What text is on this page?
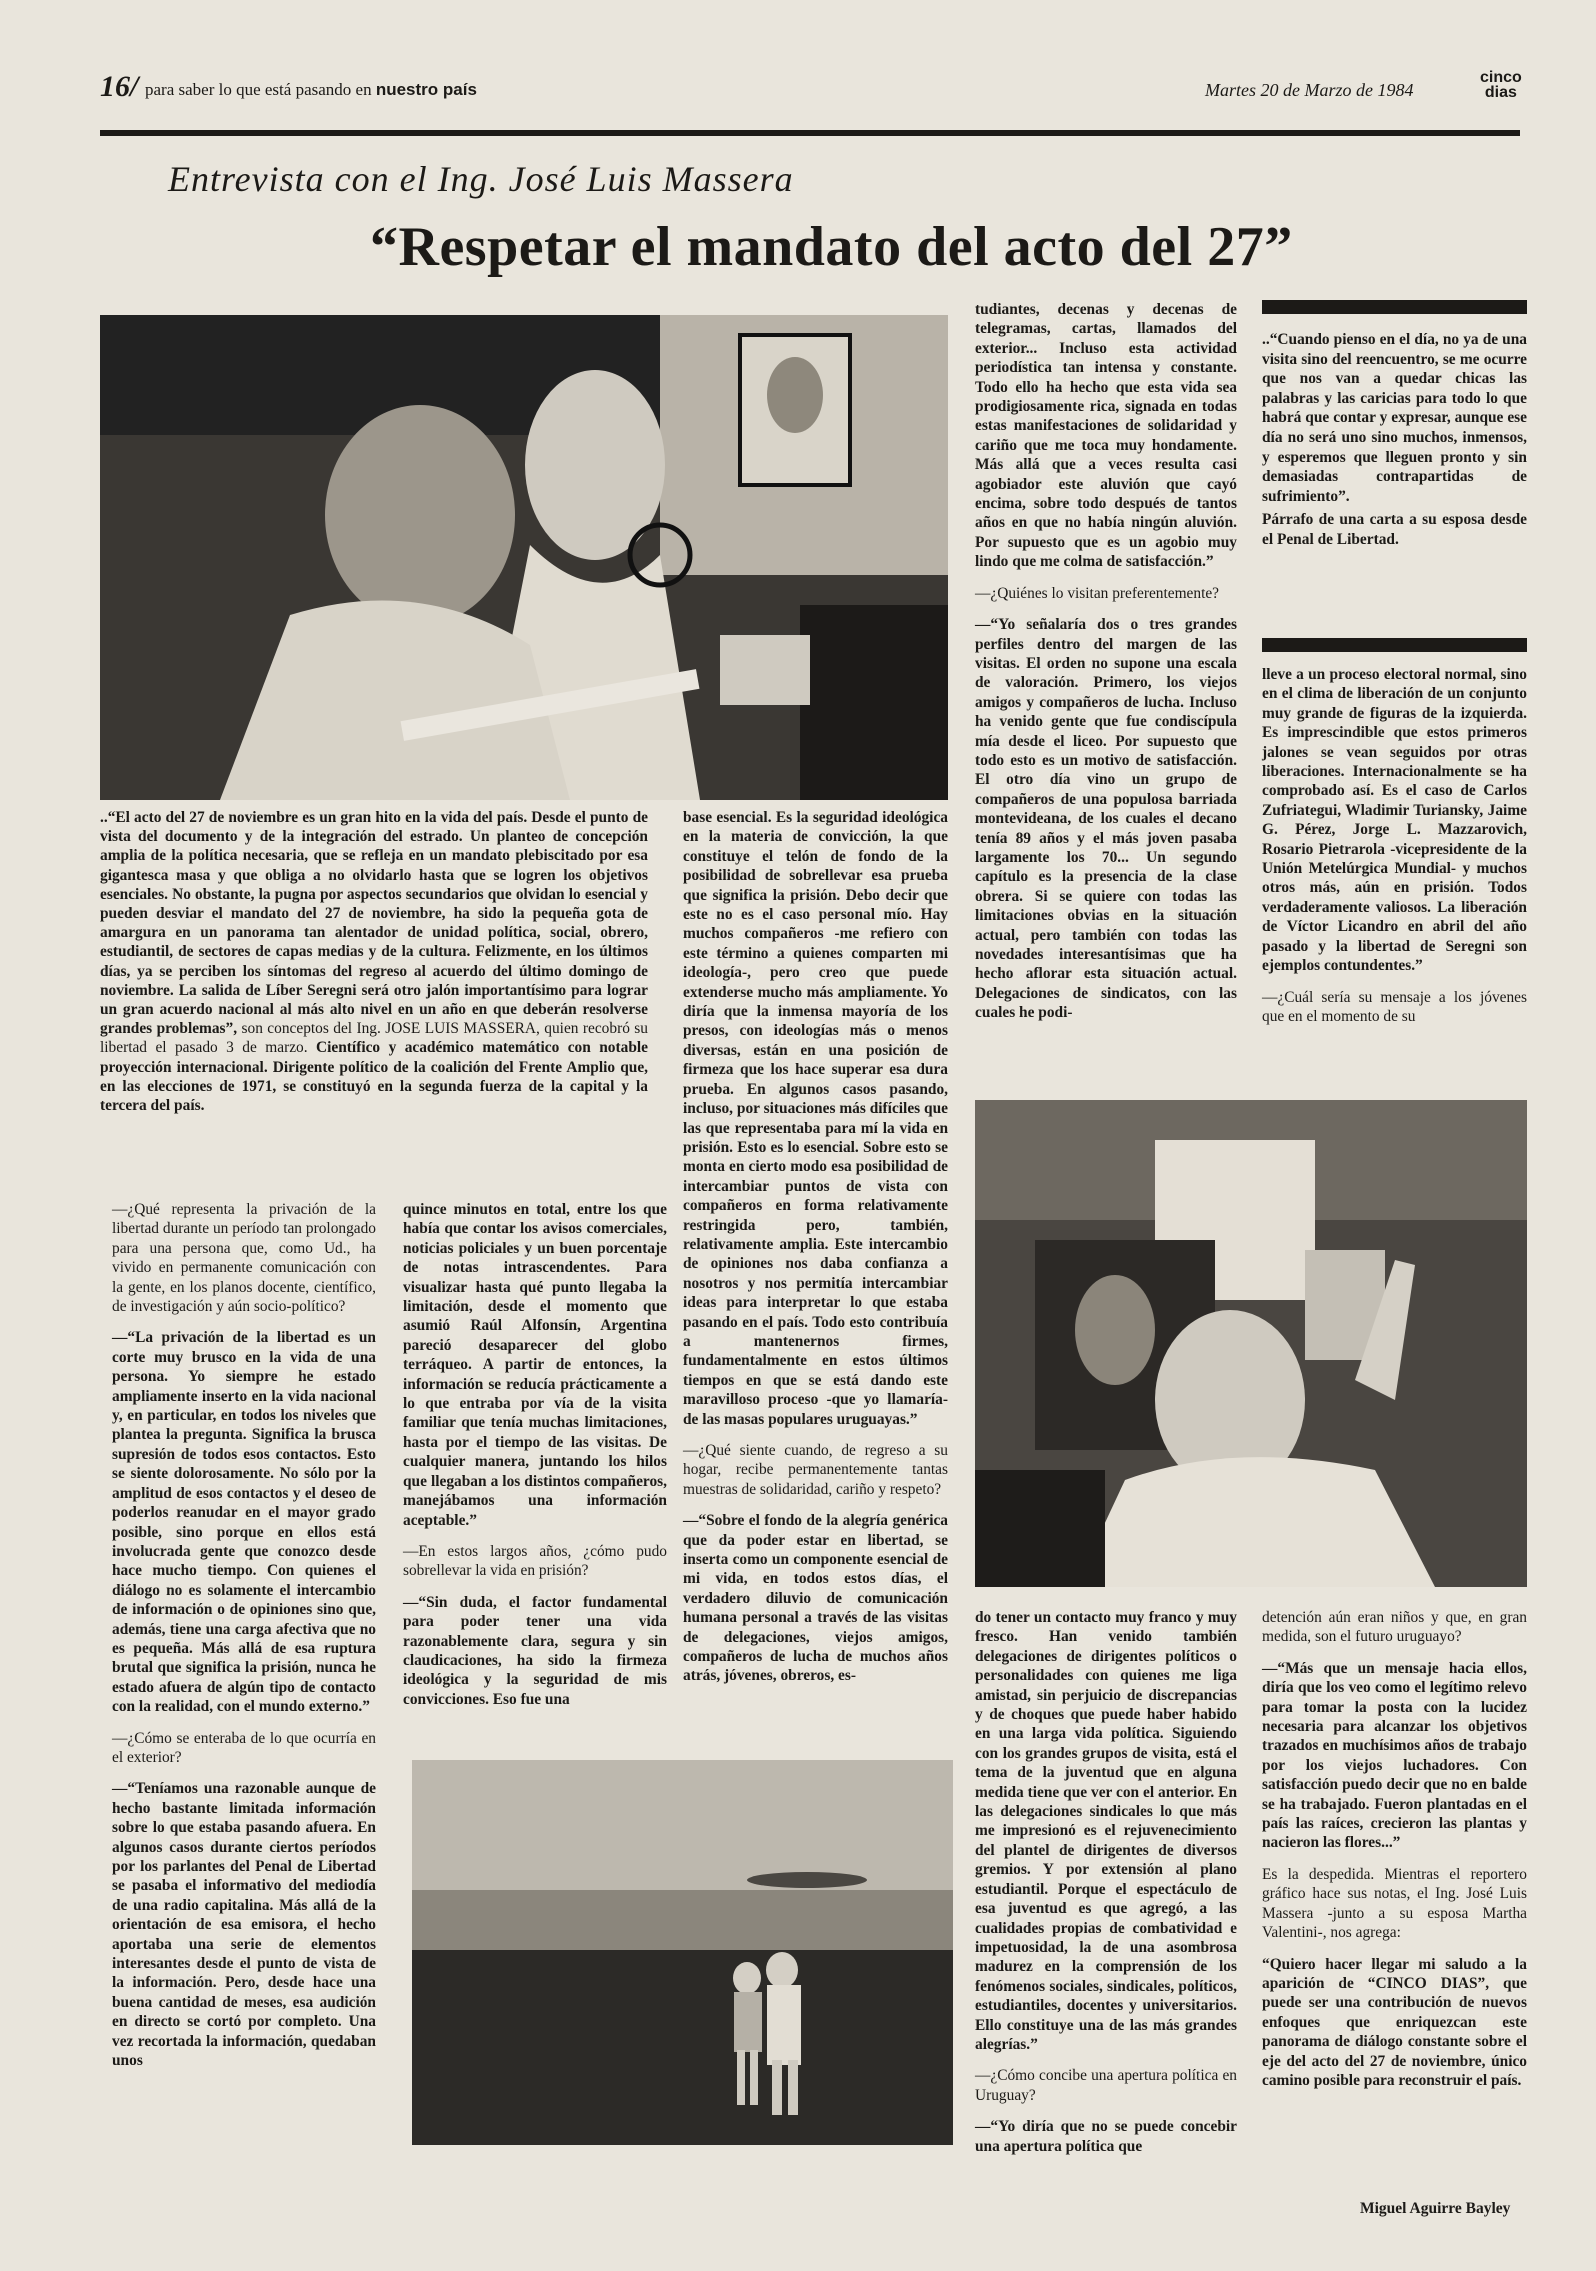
16/ para saber lo que está pasando en nuestro país	Martes 20 de Marzo de 1984
cinco
dias
Entrevista con el Ing. José Luis Massera
“Respetar el mandato del acto del 27”
..“El acto del 27 de noviembre es un gran hito en la vida del país. Desde el punto de vista del documento y de la integración del estrado. Un planteo de concepción amplia de la política necesaria, que se refleja en un mandato plebiscitado por esa gigantesca masa y que obliga a no olvidarlo hasta que se logren los objetivos esenciales. No obstante, la pugna por aspectos secundarios que olvidan lo esencial y pueden desviar el mandato del 27 de noviembre, ha sido la pequeña gota de amargura en un panorama tan alentador de unidad política, social, obrero, estudiantil, de sectores de capas medias y de la cultura. Felizmente, en los últimos días, ya se perciben los síntomas del regreso al acuerdo del último domingo de noviembre. La salida de Líber Seregni será otro jalón importantísimo para lograr un gran acuerdo nacional al más alto nivel en un año en que deberán resolverse grandes problemas”, son conceptos del Ing. JOSE LUIS MASSERA, quien recobró su libertad el pasado 3 de marzo. Científico y académico matemático con notable proyección internacional. Dirigente político de la coalición del Frente Amplio que, en las elecciones de 1971, se constituyó en la segunda fuerza de la capital y la tercera del país.

—¿Qué representa la privación de la libertad durante un período tan prolongado para una persona que, como Ud., ha vivido en permanente comunicación con la gente, en los planos docente, científico, de investigación y aún socio-político?

—“La privación de la libertad es un corte muy brusco en la vida de una persona. Yo siempre he estado ampliamente inserto en la vida nacional y, en particular, en todos los niveles que plantea la pregunta. Significa la brusca supresión de todos esos contactos. Esto se siente dolorosamente. No sólo por la amplitud de esos contactos y el deseo de poderlos reanudar en el mayor grado posible, sino porque en ellos está involucrada gente que conozco desde hace mucho tiempo. Con quienes el diálogo no es solamente el intercambio de información o de opiniones sino que, además, tiene una carga afectiva que no es pequeña. Más allá de esa ruptura brutal que significa la prisión, nunca he estado afuera de algún tipo de contacto con la realidad, con el mundo externo.”

—¿Cómo se enteraba de lo que ocurría en el exterior?

—“Teníamos una razonable aunque de hecho bastante limitada información sobre lo que estaba pasando afuera. En algunos casos durante ciertos períodos por los parlantes del Penal de Libertad se pasaba el informativo del mediodía de una radio capitalina. Más allá de la orientación de esa emisora, el hecho aportaba una serie de elementos interesantes desde el punto de vista de la información. Pero, desde hace una buena cantidad de meses, esa audición en directo se cortó por completo. Una vez recortada la información, quedaban unos

quince minutos en total, entre los que había que contar los avisos comerciales, noticias policiales y un buen porcentaje de notas intrascendentes. Para visualizar hasta qué punto llegaba la limitación, desde el momento que asumió Raúl Alfonsín, Argentina pareció desaparecer del globo terráqueo. A partir de entonces, la información se reducía prácticamente a lo que entraba por vía de la visita familiar que tenía muchas limitaciones, hasta por el tiempo de las visitas. De cualquier manera, juntando los hilos que llegaban a los distintos compañeros, manejábamos una información aceptable.”

—En estos largos años, ¿cómo pudo sobrellevar la vida en prisión?

—“Sin duda, el factor fundamental para poder tener una vida razonablemente clara, segura y sin claudicaciones, ha sido la firmeza ideológica y la seguridad de mis convicciones. Eso fue una

base esencial. Es la seguridad ideológica en la materia de convicción, la que constituye el telón de fondo de la posibilidad de sobrellevar esa prueba que significa la prisión. Debo decir que este no es el caso personal mío. Hay muchos compañeros -me refiero con este término a quienes comparten mi ideología-, pero creo que puede extenderse mucho más ampliamente. Yo diría que la inmensa mayoría de los presos, con ideologías más o menos diversas, están en una posición de firmeza que los hace superar esa dura prueba. En algunos casos pasando, incluso, por situaciones más difíciles que las que representaba para mí la vida en prisión. Esto es lo esencial. Sobre esto se monta en cierto modo esa posibilidad de intercambiar puntos de vista con compañeros en forma relativamente restringida pero, también, relativamente amplia. Este intercambio de opiniones nos daba confianza a nosotros y nos permitía intercambiar ideas para interpretar lo que estaba pasando en el país. Todo esto contribuía a mantenernos firmes, fundamentalmente en estos últimos tiempos en que se está dando este maravilloso proceso -que yo llamaría- de las masas populares uruguayas.”

—¿Qué siente cuando, de regreso a su hogar, recibe permanentemente tantas muestras de solidaridad, cariño y respeto?

—“Sobre el fondo de la alegría genérica que da poder estar en libertad, se inserta como un componente esencial de mi vida, en todos estos días, el verdadero diluvio de comunicación humana personal a través de las visitas de delegaciones, viejos amigos, compañeros de lucha de muchos años atrás, jóvenes, obreros, es-

tudiantes, decenas y decenas de telegramas, cartas, llamados del exterior... Incluso esta actividad periodística tan intensa y constante. Todo ello ha hecho que esta vida sea prodigiosamente rica, signada en todas estas manifestaciones de solidaridad y cariño que me toca muy hondamente. Más allá que a veces resulta casi agobiador este aluvión que cayó encima, sobre todo después de tantos años en que no había ningún aluvión. Por supuesto que es un agobio muy lindo que me colma de satisfacción.”

—¿Quiénes lo visitan preferentemente?

—“Yo señalaría dos o tres grandes perfiles dentro del margen de las visitas. El orden no supone una escala de valoración. Primero, los viejos amigos y compañeros de lucha. Incluso ha venido gente que fue condiscípula mía desde el liceo. Por supuesto que todo esto es un motivo de satisfacción. El otro día vino un grupo de compañeros de una populosa barriada montevideana, de los cuales el decano tenía 89 años y el más joven pasaba largamente los 70... Un segundo capítulo es la presencia de la clase obrera. Si se quiere con todas las limitaciones obvias en la situación actual, pero también con todas las novedades interesantísimas que ha hecho aflorar esta situación actual. Delegaciones de sindicatos, con las cuales he podi-

do tener un contacto muy franco y muy fresco. Han venido también delegaciones de dirigentes políticos o personalidades con quienes me liga amistad, sin perjuicio de discrepancias y de choques que puede haber habido en una larga vida política. Siguiendo con los grandes grupos de visita, está el tema de la juventud que en alguna medida tiene que ver con el anterior. En las delegaciones sindicales lo que más me impresionó es el rejuvenecimiento del plantel de dirigentes de diversos gremios. Y por extensión al plano estudiantil. Porque el espectáculo de esa juventud es que agregó, a las cualidades propias de combatividad e impetuosidad, la de una asombrosa madurez en la comprensión de los fenómenos sociales, sindicales, políticos, estudiantiles, docentes y universitarios. Ello constituye una de las más grandes alegrías.”

—¿Cómo concibe una apertura política en Uruguay?

—“Yo diría que no se puede concebir una apertura política que

..“Cuando pienso en el día, no ya de una visita sino del reencuentro, se me ocurre que nos van a quedar chicas las palabras y las caricias para todo lo que habrá que contar y expresar, aunque ese día no será uno sino muchos, inmensos, y esperemos que lleguen pronto y sin demasiadas contrapartidas de sufrimiento”.
Párrafo de una carta a su esposa desde el Penal de Libertad.

lleve a un proceso electoral normal, sino en el clima de liberación de un conjunto muy grande de figuras de la izquierda. Es imprescindible que estos primeros jalones se vean seguidos por otras liberaciones. Internacionalmente se ha comprobado así. Es el caso de Carlos Zufriategui, Wladimir Turiansky, Jaime G. Pérez, Jorge L. Mazzarovich, Rosario Pietrarola -vicepresidente de la Unión Metelúrgica Mundial- y muchos otros más, aún en prisión. Todos verdaderamente valiosos. La liberación de Víctor Licandro en abril del año pasado y la libertad de Seregni son ejemplos contundentes.”

—¿Cuál sería su mensaje a los jóvenes que en el momento de su

detención aún eran niños y que, en gran medida, son el futuro uruguayo?

—“Más que un mensaje hacia ellos, diría que los veo como el legítimo relevo para tomar la posta con la lucidez necesaria para alcanzar los objetivos trazados en muchísimos años de trabajo por los viejos luchadores. Con satisfacción puedo decir que no en balde se ha trabajado. Fueron plantadas en el país las raíces, crecieron las plantas y nacieron las flores...”

Es la despedida. Mientras el reportero gráfico hace sus notas, el Ing. José Luis Massera -junto a su esposa Martha Valentini-, nos agrega:

“Quiero hacer llegar mi saludo a la aparición de “CINCO DIAS”, que puede ser una contribución de nuevos enfoques que enriquezcan este panorama de diálogo constante sobre el eje del acto del 27 de noviembre, único camino posible para reconstruir el país.

Miguel Aguirre Bayley
